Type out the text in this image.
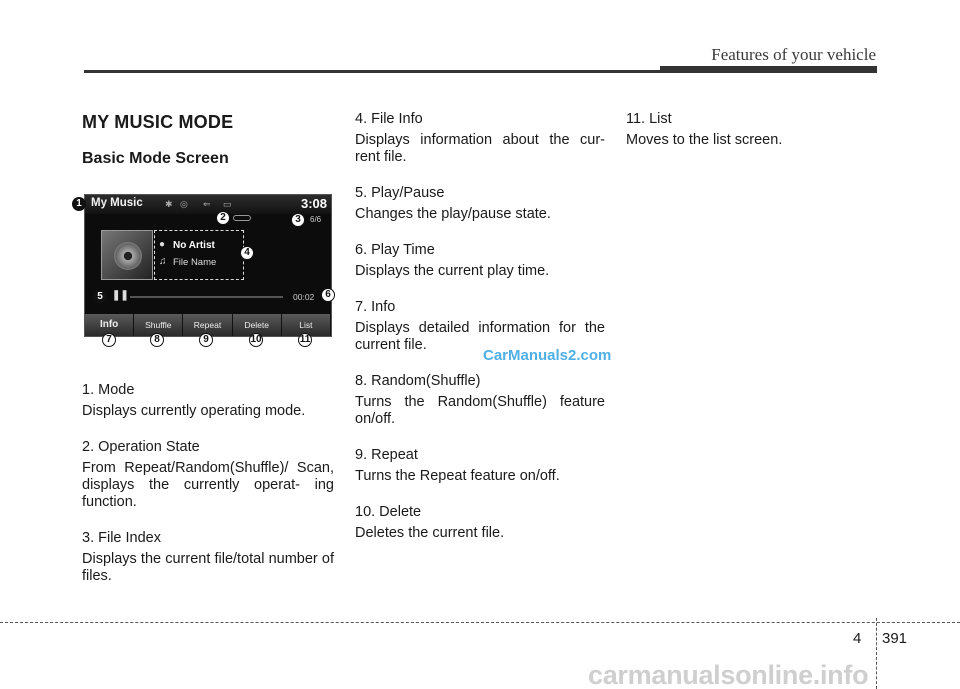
Features of your vehicle
MY MUSIC MODE
Basic Mode Screen
My Music ✱ ◎ ⇐ ▭	3:08
6/6
● No Artist
♫ File Name
❚❚	00:02
Info	Shuffle	Repeat	Delete	List
1
2	3
4
5	6
7	8	9	10	11
1. Mode
Displays currently operating mode.
2. Operation State
From Repeat/Random(Shuffle)/ Scan, displays the currently operat- ing function.
3. File Index
Displays the current file/total number of files.
4. File Info
Displays information about the cur- rent file.
5. Play/Pause
Changes the play/pause state.
6. Play Time
Displays the current play time.
7. Info
Displays detailed information for the current file.
8. Random(Shuffle)
Turns the Random(Shuffle) feature on/off.
9. Repeat
Turns the Repeat feature on/off.
10. Delete
Deletes the current file.
11. List
Moves to the list screen.
CarManuals2.com
4 391
carmanualsonline.info
